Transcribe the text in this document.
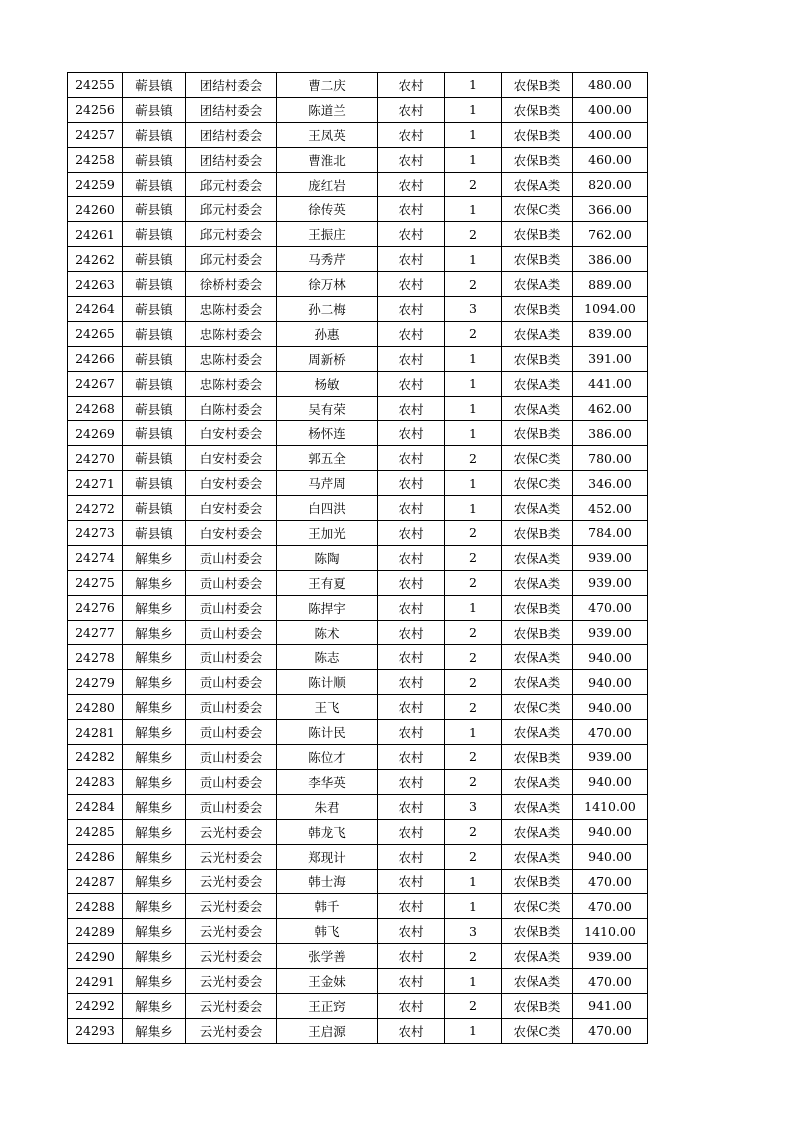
24255	蕲县镇	团结村委会	曹二庆	农村	1	农保B类	480.00
24256	蕲县镇	团结村委会	陈道兰	农村	1	农保B类	400.00
24257	蕲县镇	团结村委会	王凤英	农村	1	农保B类	400.00
24258	蕲县镇	团结村委会	曹淮北	农村	1	农保B类	460.00
24259	蕲县镇	邱元村委会	庞红岩	农村	2	农保A类	820.00
24260	蕲县镇	邱元村委会	徐传英	农村	1	农保C类	366.00
24261	蕲县镇	邱元村委会	王振庄	农村	2	农保B类	762.00
24262	蕲县镇	邱元村委会	马秀芹	农村	1	农保B类	386.00
24263	蕲县镇	徐桥村委会	徐万林	农村	2	农保A类	889.00
24264	蕲县镇	忠陈村委会	孙二梅	农村	3	农保B类	1094.00
24265	蕲县镇	忠陈村委会	孙惠	农村	2	农保A类	839.00
24266	蕲县镇	忠陈村委会	周新桥	农村	1	农保B类	391.00
24267	蕲县镇	忠陈村委会	杨敏	农村	1	农保A类	441.00
24268	蕲县镇	白陈村委会	吴有荣	农村	1	农保A类	462.00
24269	蕲县镇	白安村委会	杨怀连	农村	1	农保B类	386.00
24270	蕲县镇	白安村委会	郭五全	农村	2	农保C类	780.00
24271	蕲县镇	白安村委会	马芹周	农村	1	农保C类	346.00
24272	蕲县镇	白安村委会	白四洪	农村	1	农保A类	452.00
24273	蕲县镇	白安村委会	王加光	农村	2	农保B类	784.00
24274	解集乡	贡山村委会	陈陶	农村	2	农保A类	939.00
24275	解集乡	贡山村委会	王有夏	农村	2	农保A类	939.00
24276	解集乡	贡山村委会	陈捍宇	农村	1	农保B类	470.00
24277	解集乡	贡山村委会	陈术	农村	2	农保B类	939.00
24278	解集乡	贡山村委会	陈志	农村	2	农保A类	940.00
24279	解集乡	贡山村委会	陈计顺	农村	2	农保A类	940.00
24280	解集乡	贡山村委会	王飞	农村	2	农保C类	940.00
24281	解集乡	贡山村委会	陈计民	农村	1	农保A类	470.00
24282	解集乡	贡山村委会	陈位才	农村	2	农保B类	939.00
24283	解集乡	贡山村委会	李华英	农村	2	农保A类	940.00
24284	解集乡	贡山村委会	朱君	农村	3	农保A类	1410.00
24285	解集乡	云光村委会	韩龙飞	农村	2	农保A类	940.00
24286	解集乡	云光村委会	郑现计	农村	2	农保A类	940.00
24287	解集乡	云光村委会	韩士海	农村	1	农保B类	470.00
24288	解集乡	云光村委会	韩千	农村	1	农保C类	470.00
24289	解集乡	云光村委会	韩飞	农村	3	农保B类	1410.00
24290	解集乡	云光村委会	张学善	农村	2	农保A类	939.00
24291	解集乡	云光村委会	王金妹	农村	1	农保A类	470.00
24292	解集乡	云光村委会	王正窍	农村	2	农保B类	941.00
24293	解集乡	云光村委会	王启源	农村	1	农保C类	470.00
